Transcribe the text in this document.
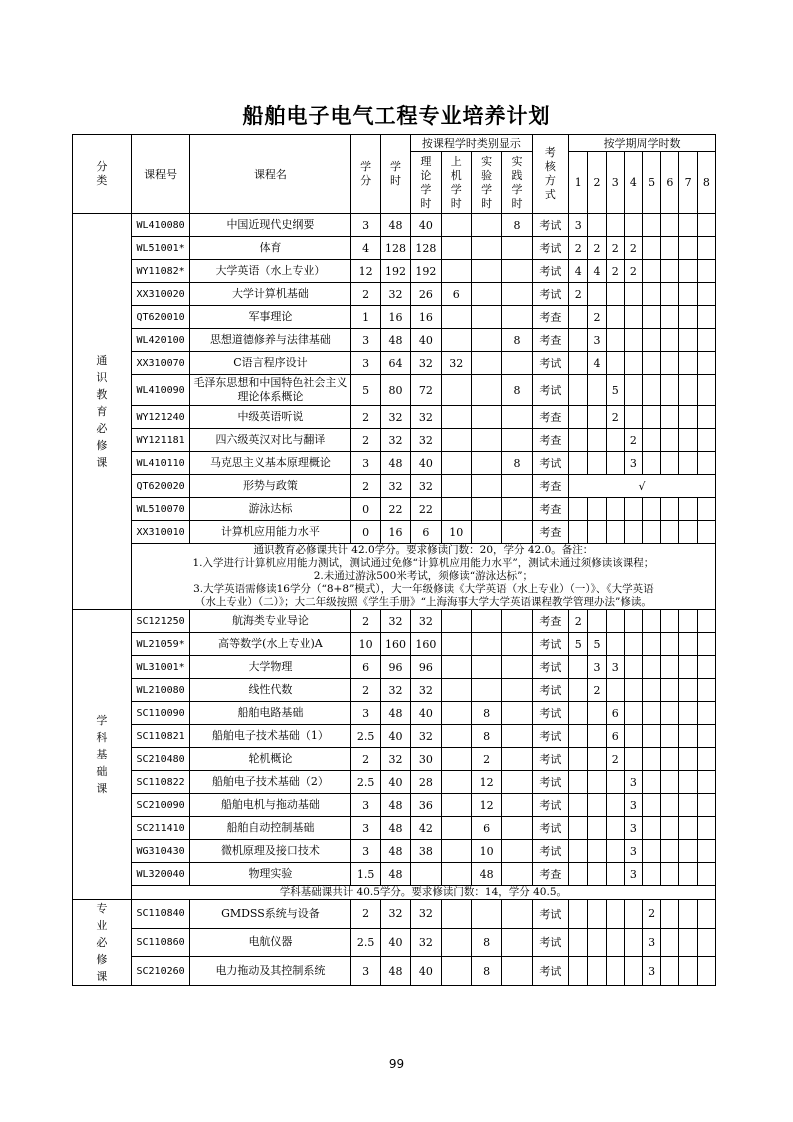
船舶电子电气工程专业培养计划
分类	课程号	课程名	学分	学时	按课程学时类别显示				考核方式	按学期周学时数							

					理论学时	上机学时	实验学时	实践学时		1	2	3	4	5	6	7	8

通识教育必修课	WL410080	中国近现代史纲要	3	48	40			8	考试	3							
	WL51001*	体育	4	128	128				考试	2	2	2	2				
	WY11082*	大学英语（水上专业）	12	192	192				考试	4	4	2	2				
	XX310020	大学计算机基础	2	32	26	6			考试	2							
	QT620010	军事理论	1	16	16				考查		2						
	WL420100	思想道德修养与法律基础	3	48	40			8	考查		3						
	XX310070	C语言程序设计	3	64	32	32			考试		4						
	WL410090	毛泽东思想和中国特色社会主义理论体系概论	5	80	72			8	考试			5					
	WY121240	中级英语听说	2	32	32				考查			2					
	WY121181	四六级英汉对比与翻译	2	32	32				考查				2				
	WL410110	马克思主义基本原理概论	3	48	40			8	考试				3				
	QT620020	形势与政策	2	32	32				考查	√							
	WL510070	游泳达标	0	22	22				考查								
	XX310010	计算机应用能力水平	0	16	6	10			考查								

	通识教育必修课共计 42.0学分。要求修读门数：20，学分 42.0。备注：
1.入学进行计算机应用能力测试，测试通过免修“计算机应用能力水平”，测试未通过须修读该课程；
2.未通过游泳500米考试，须修读“游泳达标”；
3.大学英语需修读16学分（“8+8”模式），大一年级修读《大学英语（水上专业）（一）》、《大学英语
（水上专业）（二）》；大二年级按照《学生手册》“上海海事大学大学英语课程教学管理办法”修读。																

学科基础课	SC121250	航海类专业导论	2	32	32				考查	2							
	WL21059*	高等数学(水上专业)A	10	160	160				考试	5	5						
	WL31001*	大学物理	6	96	96				考试		3	3					
	WL210080	线性代数	2	32	32				考试		2						
	SC110090	船舶电路基础	3	48	40		8		考试			6					
	SC110821	船舶电子技术基础（1）	2.5	40	32		8		考试			6					
	SC210480	轮机概论	2	32	30		2		考试			2					
	SC110822	船舶电子技术基础（2）	2.5	40	28		12		考试				3				
	SC210090	船舶电机与拖动基础	3	48	36		12		考试				3				
	SC211410	船舶自动控制基础	3	48	42		6		考试				3				
	WG310430	微机原理及接口技术	3	48	38		10		考试				3				
	WL320040	物理实验	1.5	48			48		考查				3				

	学科基础课共计 40.5学分。要求修读门数：14，学分 40.5。																

专业必修课	SC110840	GMDSS系统与设备	2	32	32				考试					2			
	SC110860	电航仪器	2.5	40	32		8		考试					3			
	SC210260	电力拖动及其控制系统	3	48	40		8		考试					3			
99
